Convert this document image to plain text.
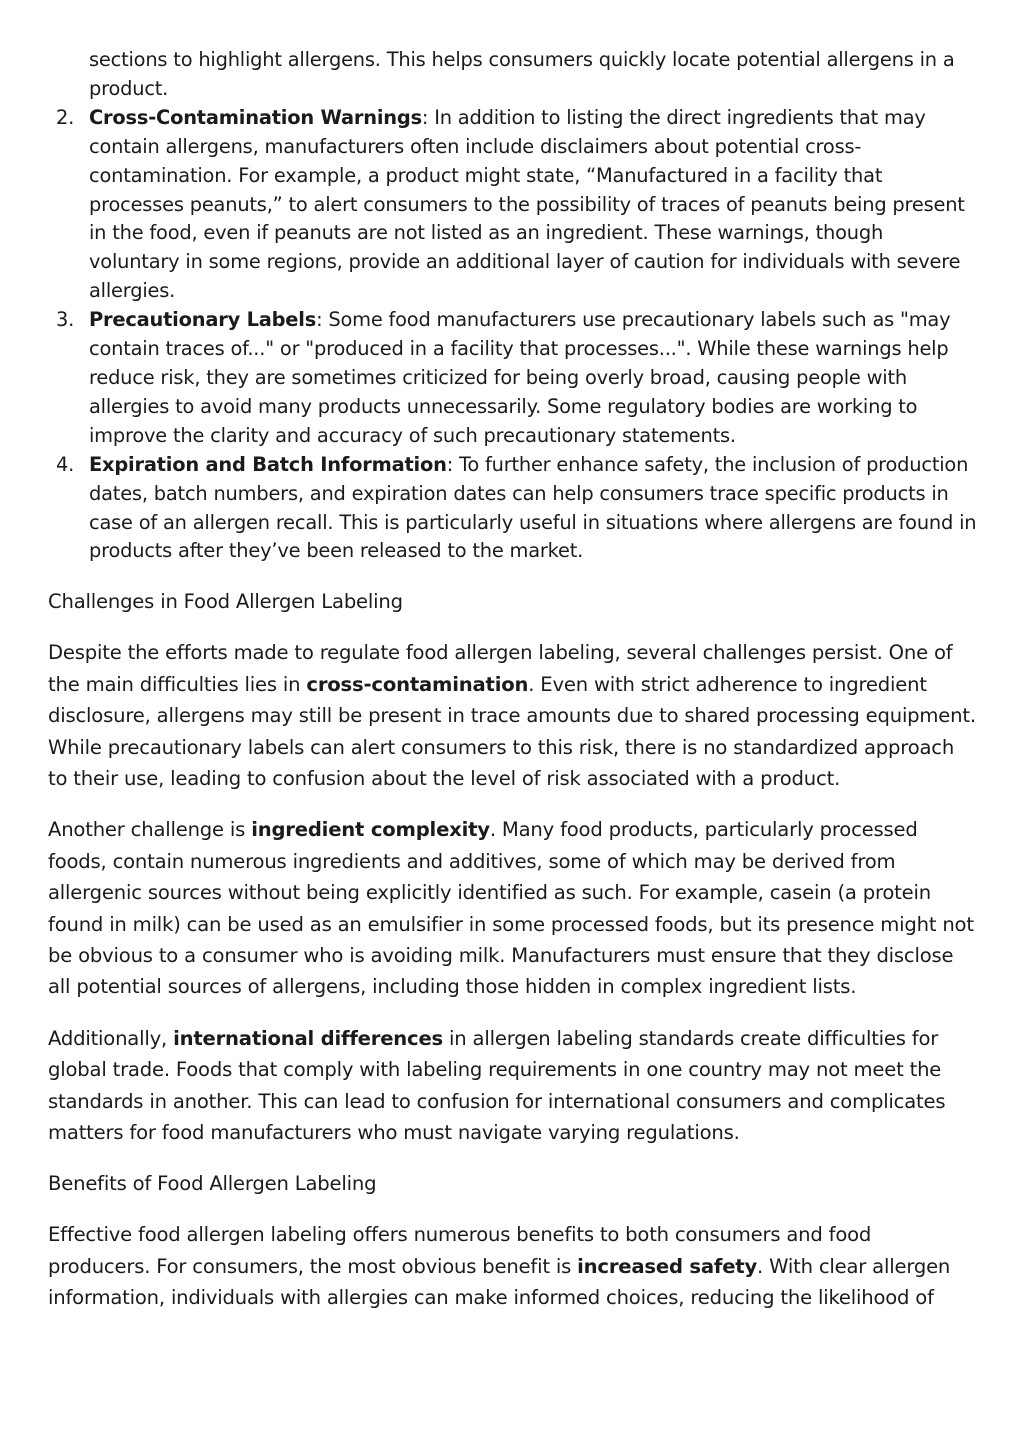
sections to highlight allergens. This helps consumers quickly locate potential allergens in a product.
2. Cross-Contamination Warnings: In addition to listing the direct ingredients that may contain allergens, manufacturers often include disclaimers about potential cross-contamination. For example, a product might state, “Manufactured in a facility that processes peanuts,” to alert consumers to the possibility of traces of peanuts being present in the food, even if peanuts are not listed as an ingredient. These warnings, though voluntary in some regions, provide an additional layer of caution for individuals with severe allergies.
3. Precautionary Labels: Some food manufacturers use precautionary labels such as "may contain traces of..." or "produced in a facility that processes...". While these warnings help reduce risk, they are sometimes criticized for being overly broad, causing people with allergies to avoid many products unnecessarily. Some regulatory bodies are working to improve the clarity and accuracy of such precautionary statements.
4. Expiration and Batch Information: To further enhance safety, the inclusion of production dates, batch numbers, and expiration dates can help consumers trace specific products in case of an allergen recall. This is particularly useful in situations where allergens are found in products after they’ve been released to the market.
Challenges in Food Allergen Labeling

Despite the efforts made to regulate food allergen labeling, several challenges persist. One of the main difficulties lies in cross-contamination. Even with strict adherence to ingredient disclosure, allergens may still be present in trace amounts due to shared processing equipment. While precautionary labels can alert consumers to this risk, there is no standardized approach to their use, leading to confusion about the level of risk associated with a product.

Another challenge is ingredient complexity. Many food products, particularly processed foods, contain numerous ingredients and additives, some of which may be derived from allergenic sources without being explicitly identified as such. For example, casein (a protein found in milk) can be used as an emulsifier in some processed foods, but its presence might not be obvious to a consumer who is avoiding milk. Manufacturers must ensure that they disclose all potential sources of allergens, including those hidden in complex ingredient lists.

Additionally, international differences in allergen labeling standards create difficulties for global trade. Foods that comply with labeling requirements in one country may not meet the standards in another. This can lead to confusion for international consumers and complicates matters for food manufacturers who must navigate varying regulations.

Benefits of Food Allergen Labeling

Effective food allergen labeling offers numerous benefits to both consumers and food producers. For consumers, the most obvious benefit is increased safety. With clear allergen information, individuals with allergies can make informed choices, reducing the likelihood of
